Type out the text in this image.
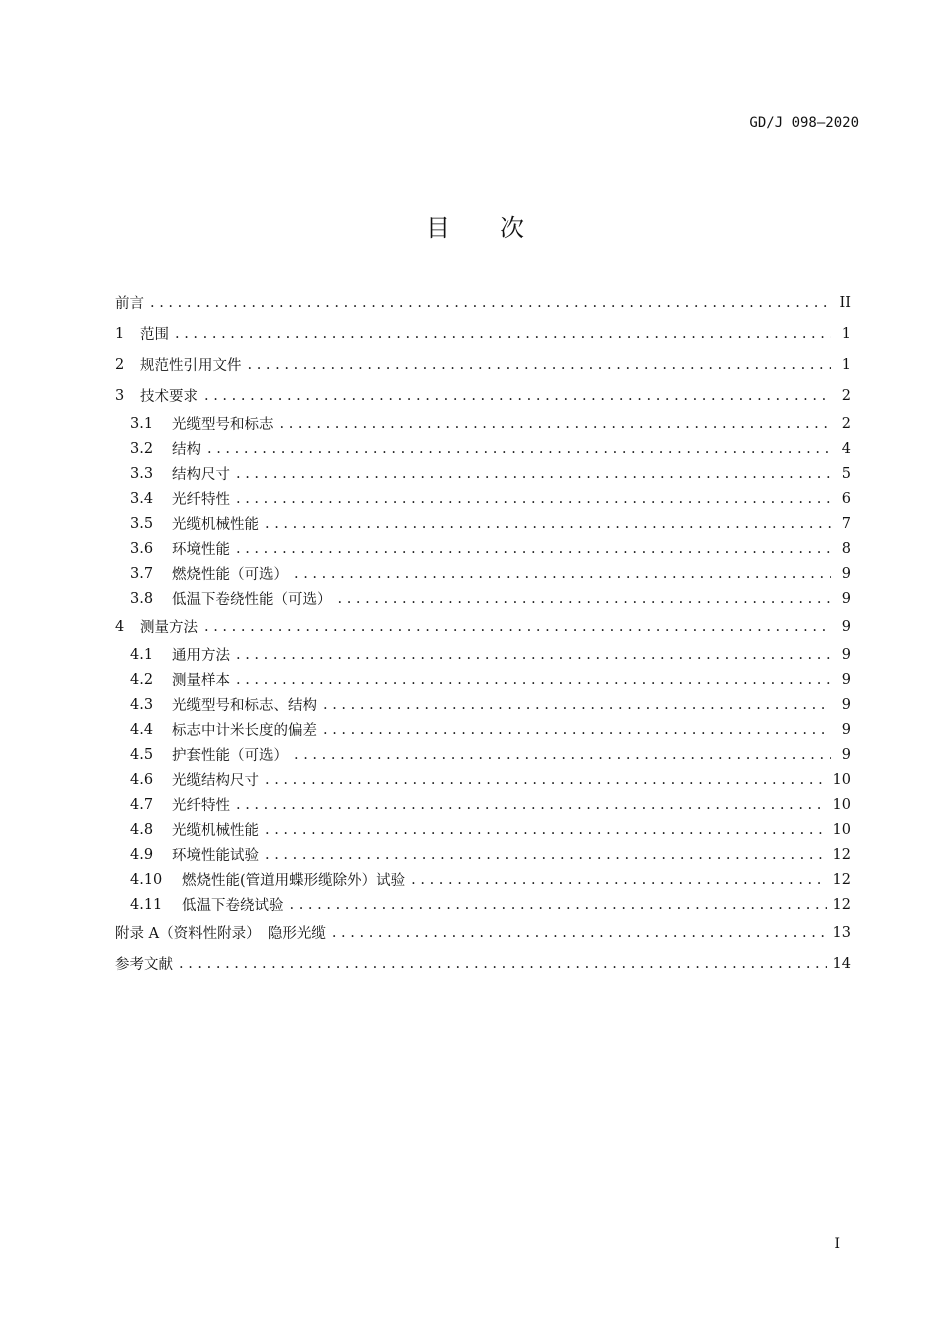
GD/J 098—2020
目次
前言 . . .	II
1	范围 . . .	1
2	规范性引用文件 . . .	1
3	技术要求 . . .	2
3.1	光缆型号和标志 . . .	2
3.2	结构 . . .	4
3.3	结构尺寸 . . .	5
3.4	光纤特性 . . .	6
3.5	光缆机械性能 . . .	7
3.6	环境性能 . . .	8
3.7	燃烧性能（可选） . . .	9
3.8	低温下卷绕性能（可选） . . .	9
4	测量方法 . . .	9
4.1	通用方法 . . .	9
4.2	测量样本 . . .	9
4.3	光缆型号和标志、结构 . . .	9
4.4	标志中计米长度的偏差 . . .	9
4.5	护套性能（可选） . . .	9
4.6	光缆结构尺寸 . . .	10
4.7	光纤特性 . . .	10
4.8	光缆机械性能 . . .	10
4.9	环境性能试验 . . .	12
4.10	燃烧性能(管道用蝶形缆除外）试验 . . .	12
4.11	低温下卷绕试验 . . .	12
附录 A（资料性附录）　隐形光缆 . . .	13
参考文献 . . .	14
I
